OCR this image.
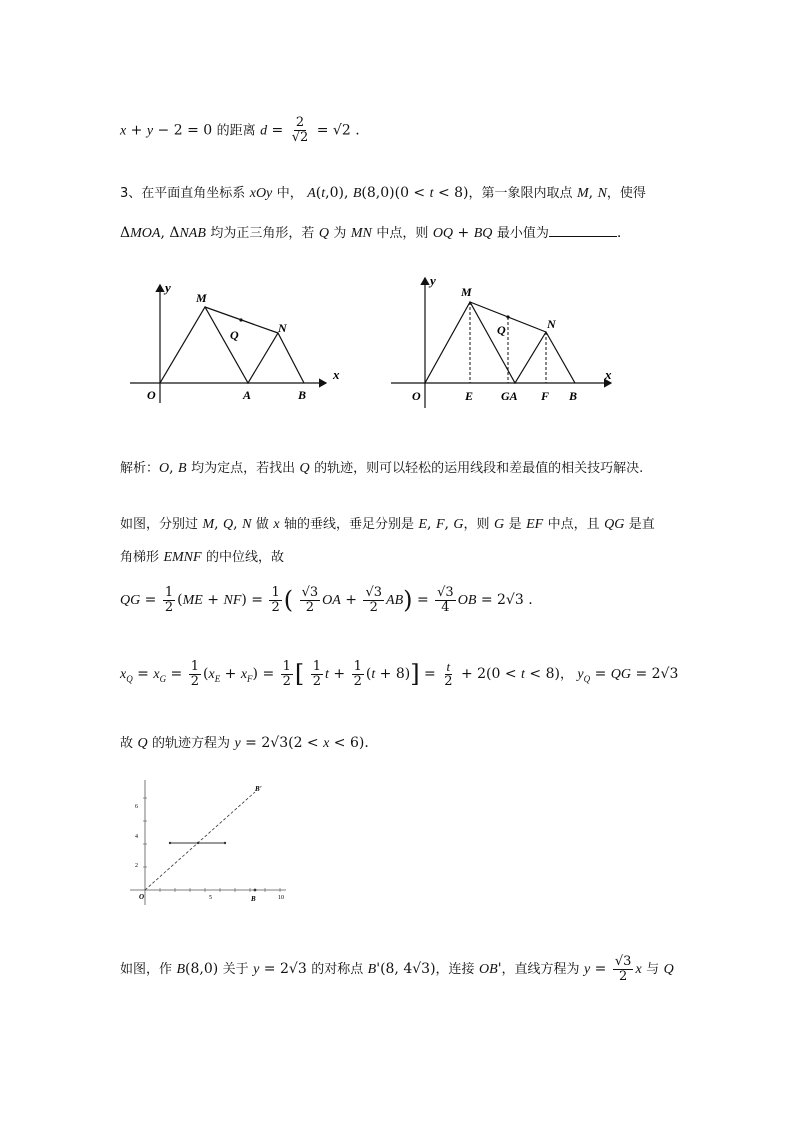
x + y − 2 = 0 的距离 $d = \frac{2}{√2} = √2$ .
3、在平面直角坐标系 xOy 中， A(t,0), B(8,0)(0 < t < 8)，第一象限内取点 M, N，使得
ΔMOA, ΔNAB 均为正三角形，若 Q 为 MN 中点，则 OQ + BQ 最小值为	.
y
x
O
M
Q	N
A	B
y
x
O
M
Q	N
E GA F B
解析：O, B 均为定点，若找出 Q 的轨迹，则可以轻松的运用线段和差最值的相关技巧解决.
如图，分别过 M, Q, N 做 x 轴的垂线，垂足分别是 E, F, G，则 G 是 EF 中点，且 QG 是直
角梯形 EMNF 的中位线，故
QG = $\frac{1}{2} (ME + NF) = \frac{1}{2}$ ( $\frac{√3}{2}$ OA + $\frac{√3}{2} AB) = \frac{√3}{4}$ OB = 2√3 .
$x_Q = x_G = \frac{1}{2} (x_E + x_F) = \frac{1}{2}$ [ $\frac{1}{2}$ $t + \frac{1}{2} (t + 8)] = \frac{t}{2} + 2(0 < t < 8)$， $y_Q$ = QG = 2√3
故 Q 的轨迹方程为 y = 2√3(2 < x < 6).
6
4
2
5	10
B'
O	B
如图，作 B(8,0) 关于 y = 2√3 的对称点 B'(8, 4√3)，连接 OB'，直线方程为 $y = \frac{√3}{2}$ x 与 Q
